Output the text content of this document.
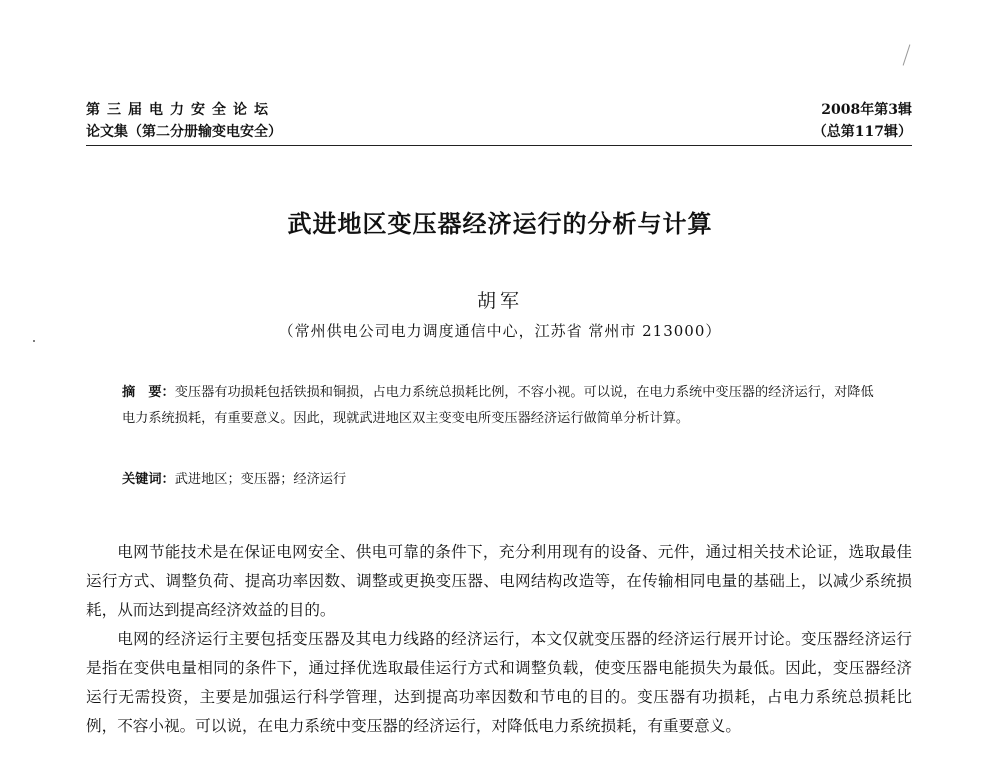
第三届电力安全论坛	2008年第3辑
论文集（第二分册输变电安全）	（总第117辑）
武进地区变压器经济运行的分析与计算
胡军
（常州供电公司电力调度通信中心，江苏省 常州市 213000）
摘　要：变压器有功损耗包括铁损和铜损，占电力系统总损耗比例，不容小视。可以说，在电力系统中变压器的经济运行，对降低电力系统损耗，有重要意义。因此，现就武进地区双主变变电所变压器经济运行做简单分析计算。
关键词：武进地区；变压器；经济运行

电网节能技术是在保证电网安全、供电可靠的条件下，充分利用现有的设备、元件，通过相关技术论证，选取最佳运行方式、调整负荷、提高功率因数、调整或更换变压器、电网结构改造等，在传输相同电量的基础上，以减少系统损耗，从而达到提高经济效益的目的。

电网的经济运行主要包括变压器及其电力线路的经济运行，本文仅就变压器的经济运行展开讨论。变压器经济运行是指在变供电量相同的条件下，通过择优选取最佳运行方式和调整负载，使变压器电能损失为最低。因此，变压器经济运行无需投资，主要是加强运行科学管理，达到提高功率因数和节电的目的。变压器有功损耗，占电力系统总损耗比例，不容小视。可以说，在电力系统中变压器的经济运行，对降低电力系统损耗，有重要意义。
